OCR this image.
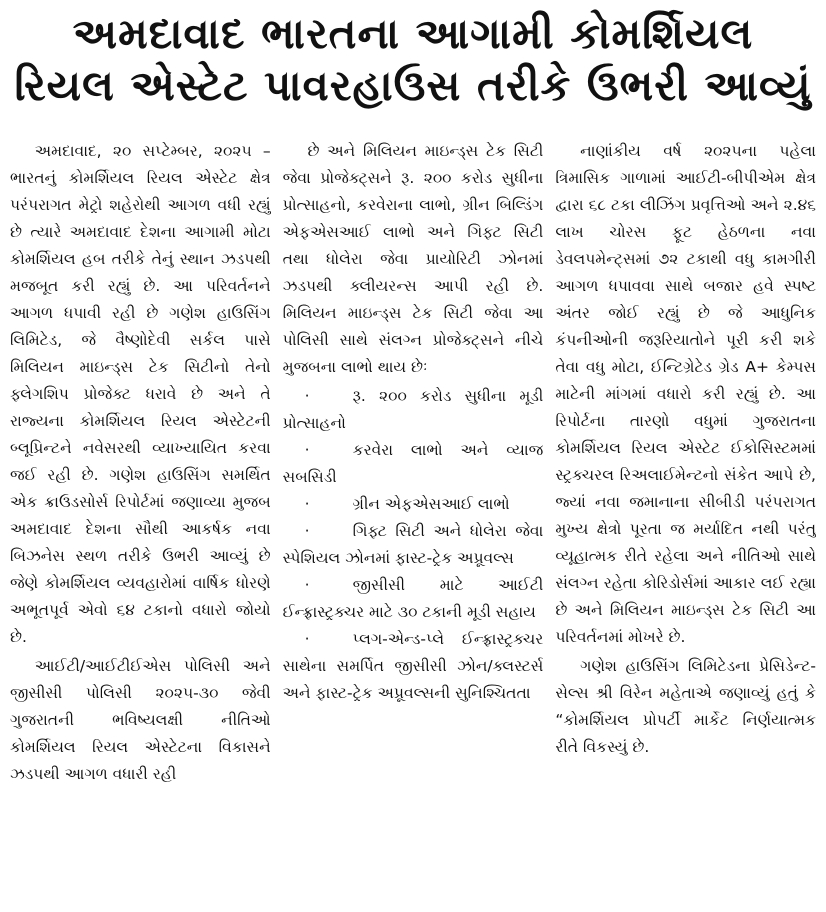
અમદાવાદ ભારતના આગામી કોમર્શિયલ
રિયલ એસ્ટેટ પાવરહાઉસ તરીકે ઉભરી આવ્યું

અમદાવાદ, ૨૦ સપ્ટેમ્બર, ૨૦૨૫ – ભારતનું કોમર્શિયલ રિયલ એસ્ટેટ ક્ષેત્ર પરંપરાગત મેટ્રો શહેરોથી આગળ વધી રહ્યું છે ત્યારે અમદાવાદ દેશના આગામી મોટા કોમર્શિયલ હબ તરીકે તેનું સ્થાન ઝડપથી મજબૂત કરી રહ્યું છે. આ પરિવર્તનને આગળ ધપાવી રહી છે ગણેશ હાઉસિંગ લિમિટેડ, જે વૈષ્ણોદેવી સર્કલ પાસે મિલિયન માઇન્ડ્સ ટેક સિટીનો તેનો ફ્લેગશિપ પ્રોજેક્ટ ધરાવે છે અને તે રાજ્યના કોમર્શિયલ રિયલ એસ્ટેટની બ્લૂપ્રિન્ટને નવેસરથી વ્યાખ્યાયિત કરવા જઈ રહી છે. ગણેશ હાઉસિંગ સમર્થિત એક ક્રાઉડસોર્સ રિપોર્ટમાં જણાવ્યા મુજબ અમદાવાદ દેશના સૌથી આકર્ષક નવા બિઝનેસ સ્થળ તરીકે ઉભરી આવ્યું છે જેણે કોમર્શિયલ વ્યવહારોમાં વાર્ષિક ધોરણે અભૂતપૂર્વ એવો ૬૪ ટકાનો વધારો જોયો છે.

આઈટી/આઈટીઈએસ પોલિસી અને જીસીસી પોલિસી ૨૦૨૫-૩૦ જેવી ગુજરાતની ભવિષ્યલક્ષી નીતિઓ કોમર્શિયલ રિયલ એસ્ટેટના વિકાસને ઝડપથી આગળ વધારી રહી

છે અને મિલિયન માઇન્ડ્સ ટેક સિટી જેવા પ્રોજેક્ટ્સને રૂ. ૨૦૦ કરોડ સુધીના પ્રોત્સાહનો, કરવેરાના લાભો, ગ્રીન બિલ્ડિંગ એફએસઆઈ લાભો અને ગિફ્ટ સિટી તથા ધોલેરા જેવા પ્રાયોરિટી ઝોનમાં ઝડપથી ક્લીયરન્સ આપી રહી છે. મિલિયન માઇન્ડ્સ ટેક સિટી જેવા આ પોલિસી સાથે સંલગ્ન પ્રોજેક્ટ્સને નીચે મુજબના લાભો થાય છેઃ

·	રૂ. ૨૦૦ કરોડ સુધીના મૂડી પ્રોત્સાહનો
·	કરવેરા લાભો અને વ્યાજ સબસિડી
·	ગ્રીન એફએસઆઈ લાભો
·	ગિફ્ટ સિટી અને ધોલેરા જેવા સ્પેશિયલ ઝોનમાં ફાસ્ટ-ટ્રેક અપ્રૂવલ્સ
·	જીસીસી માટે આઈટી ઈન્ફ્રાસ્ટ્રક્ચર માટે ૩૦ ટકાની મૂડી સહાય
·	પ્લગ-એન્ડ-પ્લે ઈન્ફ્રાસ્ટ્રક્ચર સાથેના સમર્પિત જીસીસી ઝોન/ક્લસ્ટર્સ અને ફાસ્ટ-ટ્રેક અપ્રૂવલ્સની સુનિશ્ચિતતા

નાણાંકીય વર્ષ ૨૦૨૫ના પહેલા ત્રિમાસિક ગાળામાં આઈટી-બીપીએમ ક્ષેત્ર દ્વારા ૬૮ ટકા લીઝિંગ પ્રવૃત્તિઓ અને ૨.૪૬ લાખ ચોરસ ફૂટ હેઠળના નવા ડેવલપમેન્ટ્સમાં ૭૨ ટકાથી વધુ કામગીરી આગળ ધપાવવા સાથે બજાર હવે સ્પષ્ટ અંતર જોઈ રહ્યું છે જે આધુનિક કંપનીઓની જરૂરિયાતોને પૂરી કરી શકે તેવા વધુ મોટા, ઈન્ટિગ્રેટેડ ગ્રેડ A+ કેમ્પસ માટેની માંગમાં વધારો કરી રહ્યું છે. આ રિપોર્ટના તારણો વધુમાં ગુજરાતના કોમર્શિયલ રિયલ એસ્ટેટ ઈકોસિસ્ટમમાં સ્ટ્રક્ચરલ રિઅલાઈમેન્ટનો સંકેત આપે છે, જ્યાં નવા જમાનાના સીબીડી પરંપરાગત મુખ્ય ક્ષેત્રો પૂરતા જ મર્યાદિત નથી પરંતુ વ્યૂહાત્મક રીતે રહેલા અને નીતિઓ સાથે સંલગ્ન રહેતા કોરિડોર્સમાં આકાર લઈ રહ્યા છે અને મિલિયન માઇન્ડ્સ ટેક સિટી આ પરિવર્તનમાં મોખરે છે.

ગણેશ હાઉસિંગ લિમિટેડના પ્રેસિડેન્ટ-સેલ્સ શ્રી વિરેન મહેતાએ જણાવ્યું હતું કે “કોમર્શિયલ પ્રોપર્ટી માર્કેટ નિર્ણયાત્મક રીતે વિકસ્યું છે.
